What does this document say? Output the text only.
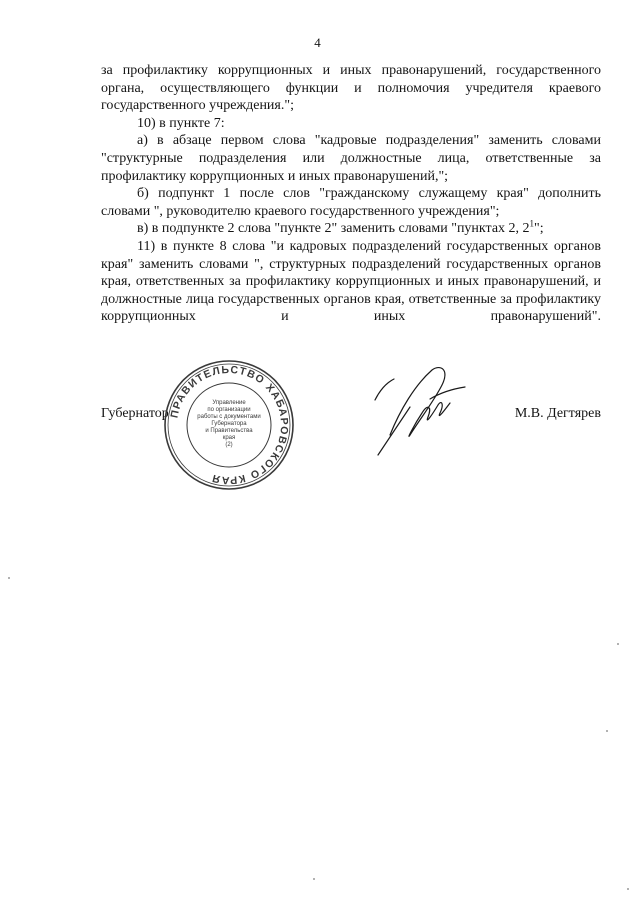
4

за профилактику коррупционных и иных правонарушений, государственного органа, осуществляющего функции и полномочия учредителя краевого государственного учреждения.";

10) в пункте 7:

а) в абзаце первом слова "кадровые подразделения" заменить словами "структурные подразделения или должностные лица, ответственные за профилактику коррупционных и иных правонарушений,";

б) подпункт 1 после слов "гражданскому служащему края" дополнить словами ", руководителю краевого государственного учреждения";

в) в подпункте 2 слова "пункте 2" заменить словами "пунктах 2, $2^1$";

11) в пункте 8 слова "и кадровых подразделений государственных органов края" заменить словами ", структурных подразделений государственных органов края, ответственных за профилактику коррупционных и иных правонарушений, и должностные лица государственных органов края, ответственные за профилактику коррупционных и иных правонарушений".

Губернатор	М.В. Дегтярев
ПРАВИТЕЛЬСТВО ХАБАРОВСКОГО КРАЯ
Управление
по организации
работы с документами
Губернатора
и Правительства
края
(2)
